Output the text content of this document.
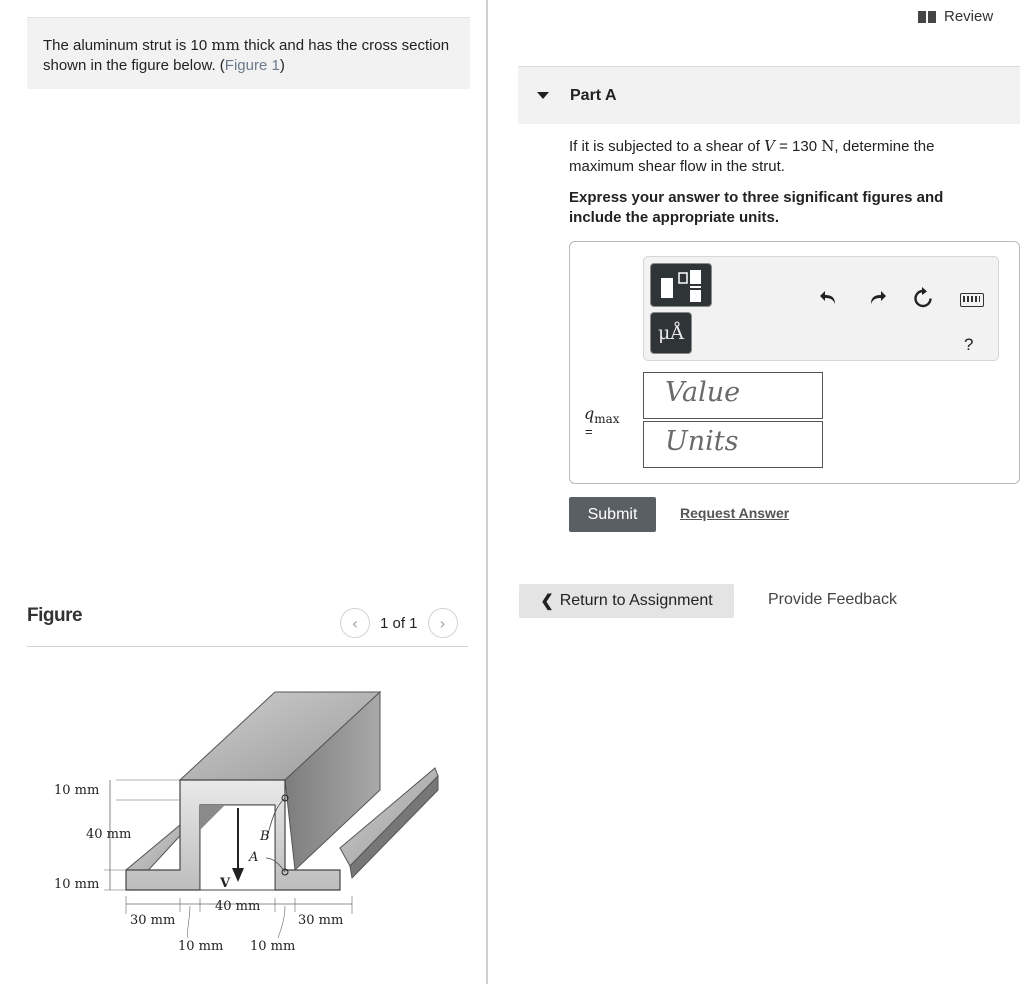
The aluminum strut is 10 mm thick and has the cross section shown in the figure below. (Figure 1)
Figure	‹ 1 of 1 ›
V
B
A
10 mm
40 mm
10 mm
30 mm
40 mm
30 mm
10 mm 10 mm
Review
Part A
If it is subjected to a shear of V = 130 N, determine the maximum shear flow in the strut.
Express your answer to three significant figures and include the appropriate units.
μÅ
?
$q_{max}$
=
Value
Units
Submit	Request Answer
❮ Return to Assignment	Provide Feedback
